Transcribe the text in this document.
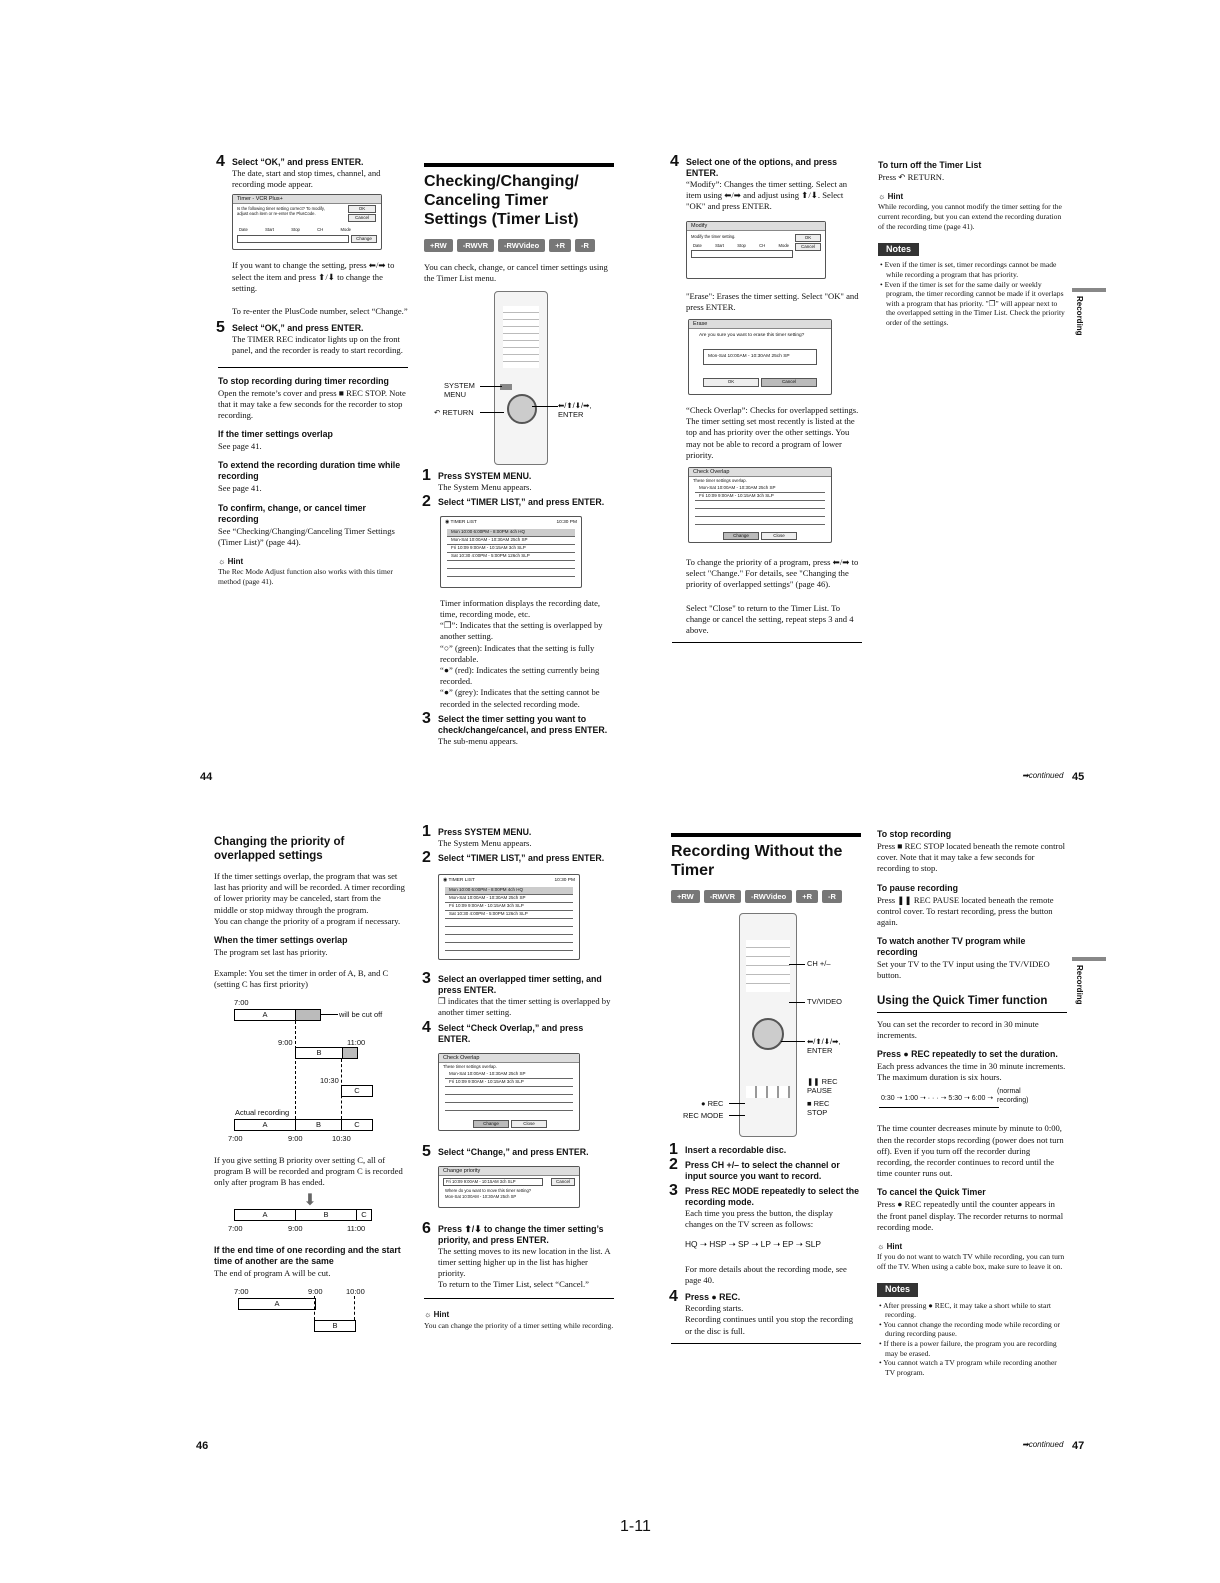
4 Select “OK,” and press ENTER.
The date, start and stop times, channel, and recording mode appear.
Timer - VCR Plus+
Is the following timer setting correct? To modify, adjust each item or re-enter the PlusCode.
OK
Cancel
Date	Start	Stop	CH	Mode
Change

If you want to change the setting, press ⬅/➡ to select the item and press ⬆/⬇ to change the setting.

To re-enter the PlusCode number, select “Change.”

5 Select “OK,” and press ENTER.
The TIMER REC indicator lights up on the front panel, and the recorder is ready to start recording.
To stop recording during timer recording

Open the remote’s cover and press ■ REC STOP. Note that it may take a few seconds for the recorder to stop recording.

If the timer settings overlap

See page 41.

To extend the recording duration time while recording

See page 41.

To confirm, change, or cancel timer recording

See “Checking/Changing/Canceling Timer Settings (Timer List)” (page 44).

☼ Hint

The Rec Mode Adjust function also works with this timer method (page 41).

Checking/Changing/ Canceling Timer Settings (Timer List)
+RW	-RWVR	-RWVideo	+R	-R

You can check, change, or cancel timer settings using the Timer List menu.

SYSTEM MENU
↶ RETURN
⬅/⬆/⬇/➡, ENTER
1 Press SYSTEM MENU.
The System Menu appears.
2 Select “TIMER LIST,” and press ENTER.
◉ TIMER LIST	10:30 PM
Mon 10:00 6:00PM - 8:00PM 4ch HQ
Mon-Sat 10:00AM - 10:30AM 25ch SP
Fri 10:09 9:00AM - 10:15AM 3ch SLP
Sat 10:30 4:00PM - 5:00PM 126ch SLP

Timer information displays the recording date, time, recording mode, etc.

“❐”: Indicates that the setting is overlapped by another setting.

“○” (green): Indicates that the setting is fully recordable.

“●” (red): Indicates the setting currently being recorded.

“●” (grey): Indicates that the setting cannot be recorded in the selected recording mode.

3 Select the timer setting you want to check/change/cancel, and press ENTER.
The sub-menu appears.
44
4 Select one of the options, and press ENTER.
“Modify”: Changes the timer setting. Select an item using ⬅/➡ and adjust using ⬆/⬇. Select "OK" and press ENTER.
Modify
Modify the timer setting.	OK
Cancel
Date	Start	Stop	CH	Mode

"Erase": Erases the timer setting. Select "OK" and press ENTER.

Erase
Are you sure you want to erase this timer setting?
Mon-Sat 10:00AM - 10:30AM 25ch SP
OK	Cancel

“Check Overlap”: Checks for overlapped settings.

The timer setting set most recently is listed at the top and has priority over the other settings. You may not be able to record a program of lower priority.

Check Overlap
These timer settings overlap.
Mon-Sat 10:00AM - 10:30AM 25ch SP
Fri 10:09 9:00AM - 10:15AM 3ch SLP
Change	Close

To change the priority of a program, press ⬅/➡ to select "Change." For details, see "Changing the priority of overlapped settings" (page 46).

Select "Close" to return to the Timer List. To change or cancel the setting, repeat steps 3 and 4 above.

To turn off the Timer List

Press ↶ RETURN.

☼ Hint

While recording, you cannot modify the timer setting for the current recording, but you can extend the recording duration of the recording time (page 41).

Notes
• Even if the timer is set, timer recordings cannot be made while recording a program that has priority.
• Even if the timer is set for the same daily or weekly program, the timer recording cannot be made if it overlaps with a program that has priority. "❐" will appear next to the overlapped setting in the Timer List. Check the priority order of the settings.	Recording
➡continued 45
Changing the priority of overlapped settings

If the timer settings overlap, the program that was set last has priority and will be recorded. A timer recording of lower priority may be canceled, start from the middle or stop midway through the program.

You can change the priority of a program if necessary.

When the timer settings overlap

The program set last has priority.

Example: You set the timer in order of A, B, and C (setting C has first priority)

7:00
A	will be cut off
9:00	11:00
B
10:30
C
Actual recording
A	B	C
7:00	9:00	10:30

If you give setting B priority over setting C, all of program B will be recorded and program C is recorded only after program B has ended.

⬇
A	B	C
7:00	9:00	11:00
If the end time of one recording and the start time of another are the same

The end of program A will be cut.

7:00	9:00	10:00
A
B
1 Press SYSTEM MENU.
The System Menu appears.
2 Select “TIMER LIST,” and press ENTER.
◉ TIMER LIST	10:30 PM
Mon 10:00 6:00PM - 8:00PM 4ch HQ
Mon-Sat 10:00AM - 10:30AM 25ch SP
Fri 10:09 9:00AM - 10:15AM 3ch SLP
Sat 10:30 4:00PM - 5:00PM 126ch SLP
3 Select an overlapped timer setting, and press ENTER.
❐ indicates that the timer setting is overlapped by another timer setting.
4 Select “Check Overlap,” and press ENTER.
Check Overlap
These timer settings overlap.
Mon-Sat 10:00AM - 10:30AM 25ch SP
Fri 10:09 9:00AM - 10:15AM 3ch SLP
Change	Close
5 Select “Change,” and press ENTER.
Change priority
Fri 10:09 9:00AM - 10:15AM 3ch SLP
Where do you want to move this timer setting?
Mon-Sat 10:00AM - 10:30AM 25ch SP
Cancel
6 Press ⬆/⬇ to change the timer setting’s priority, and press ENTER.
The setting moves to its new location in the list. A timer setting higher up in the list has higher priority.
To return to the Timer List, select “Cancel.”
☼ Hint

You can change the priority of a timer setting while recording.

46
Recording Without the Timer
+RW	-RWVR	-RWVideo	+R	-R
CH +/–
TV/VIDEO
⬅/⬆/⬇/➡, ENTER
❚❚ REC PAUSE
■ REC STOP
● REC
REC MODE
1 Insert a recordable disc.
2 Press CH +/– to select the channel or input source you want to record.
3 Press REC MODE repeatedly to select the recording mode.
Each time you press the button, the display changes on the TV screen as follows:
HQ ➝ HSP ➝ SP ➝ LP ➝ EP ➝ SLP

For more details about the recording mode, see page 40.

4 Press ● REC.
Recording starts.
Recording continues until you stop the recording or the disc is full.
To stop recording

Press ■ REC STOP located beneath the remote control cover. Note that it may take a few seconds for recording to stop.

To pause recording

Press ❚❚ REC PAUSE located beneath the remote control cover. To restart recording, press the button again.

To watch another TV program while recording

Set your TV to the TV input using the TV/VIDEO button.

Using the Quick Timer function

You can set the recorder to record in 30 minute increments.

Press ● REC repeatedly to set the duration.

Each press advances the time in 30 minute increments. The maximum duration is six hours.

0:30 ➝ 1:00 ➝ · · · ➝ 5:30 ➝ 6:00 ➝
(normal recording)

The time counter decreases minute by minute to 0:00, then the recorder stops recording (power does not turn off). Even if you turn off the recorder during recording, the recorder continues to record until the time counter runs out.

To cancel the Quick Timer

Press ● REC repeatedly until the counter appears in the front panel display. The recorder returns to normal recording mode.

☼ Hint

If you do not want to watch TV while recording, you can turn off the TV. When using a cable box, make sure to leave it on.

Notes
• After pressing ● REC, it may take a short while to start recording.
• You cannot change the recording mode while recording or during recording pause.
• If there is a power failure, the program you are recording may be erased.
• You cannot watch a TV program while recording another TV program.
Recording
➡continued 47
1-11
